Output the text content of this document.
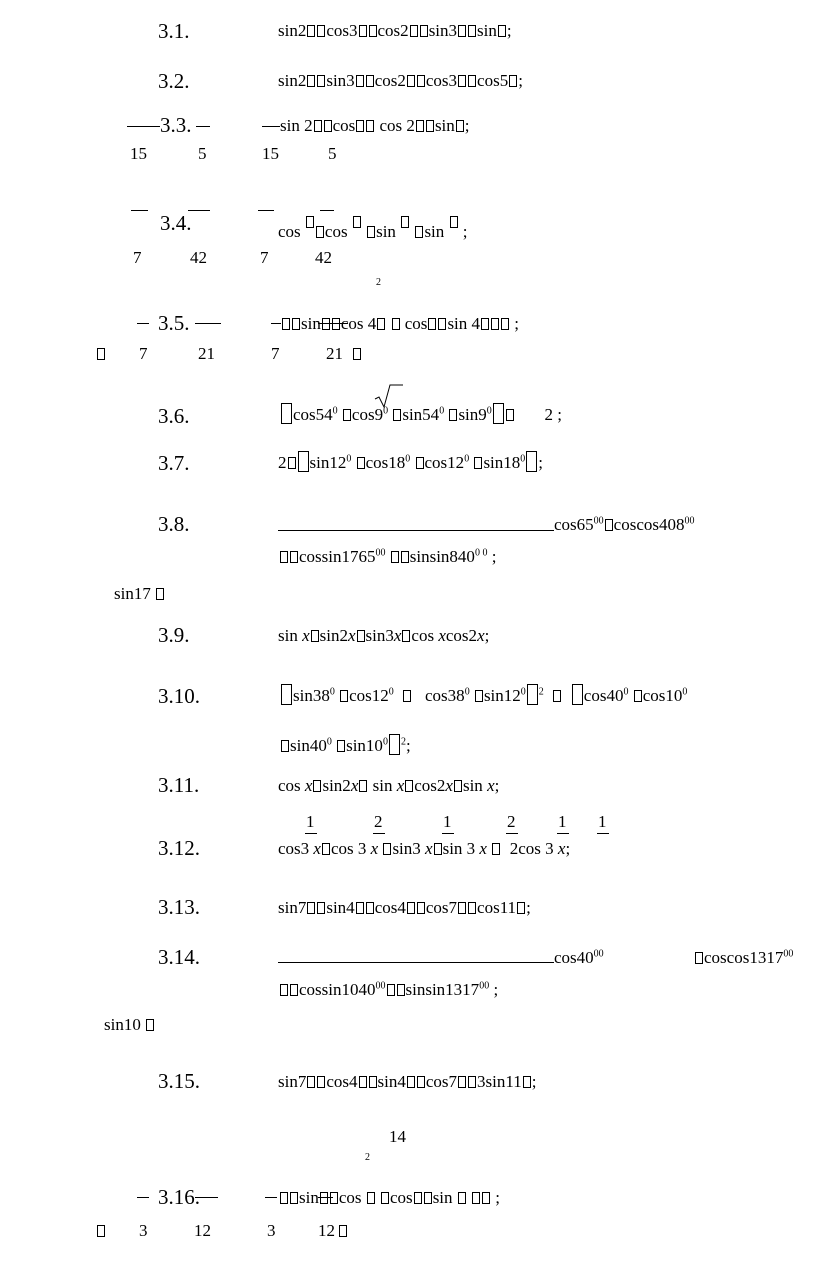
3.1.	sin2 cos3 cos2 sin3 sin ;
3.2.	sin2 sin3 cos2 cos3 cos5 ;
3.3.	sin 2 cos cos 2 sin ;
15	5	15	5
3.4.	cos cos sin sin ;
7	42	7	42
2
3.5.	sin cos 4 cos sin 4 ;
7	21	7	21
3.6.	$\cos 54^0$ $\cos 9^0$ $\sin 54^0$ $\sin 9^0$	2 ;
3.7.	2 $\sin 12^0$ $\cos 18^0$ $\cos 12^0$ $\sin 18^0$ ;
3.8.	$\cos 65^{00}$ $coscos408^{00}$
cossin1765$^{00}$ $sinsin840^{0 0}$ ;
sin17
3.9.	sin x sin2x sin3x cos xcos2x;
3.10.	$\sin 38^0$ $\cos 12^0$ $\cos 38^0$ $\sin 12^0$ $^2$ $\cos 40^0$ $\cos 10^0$
$\sin 40^0$ $\sin 10^0$ $^2$;
3.11.	cos x sin2x sin x cos2x sin x;
1	2	1	2	1 1
3.12.	cos3 x cos 3 x sin3 x sin 3 x 2cos 3 x;
3.13.	sin7 sin4 cos4 cos7 cos11 ;
3.14.	$\cos 40^{00}$	coscos1317$^{00}$
cossin1040$^{00}$ sinsin1317$^{00}$ ;
sin10
3.15.	sin7 cos4 sin4 cos7 3sin11 ;
14
2
3.16.	sin cos cos sin	;
3	12	3	12
